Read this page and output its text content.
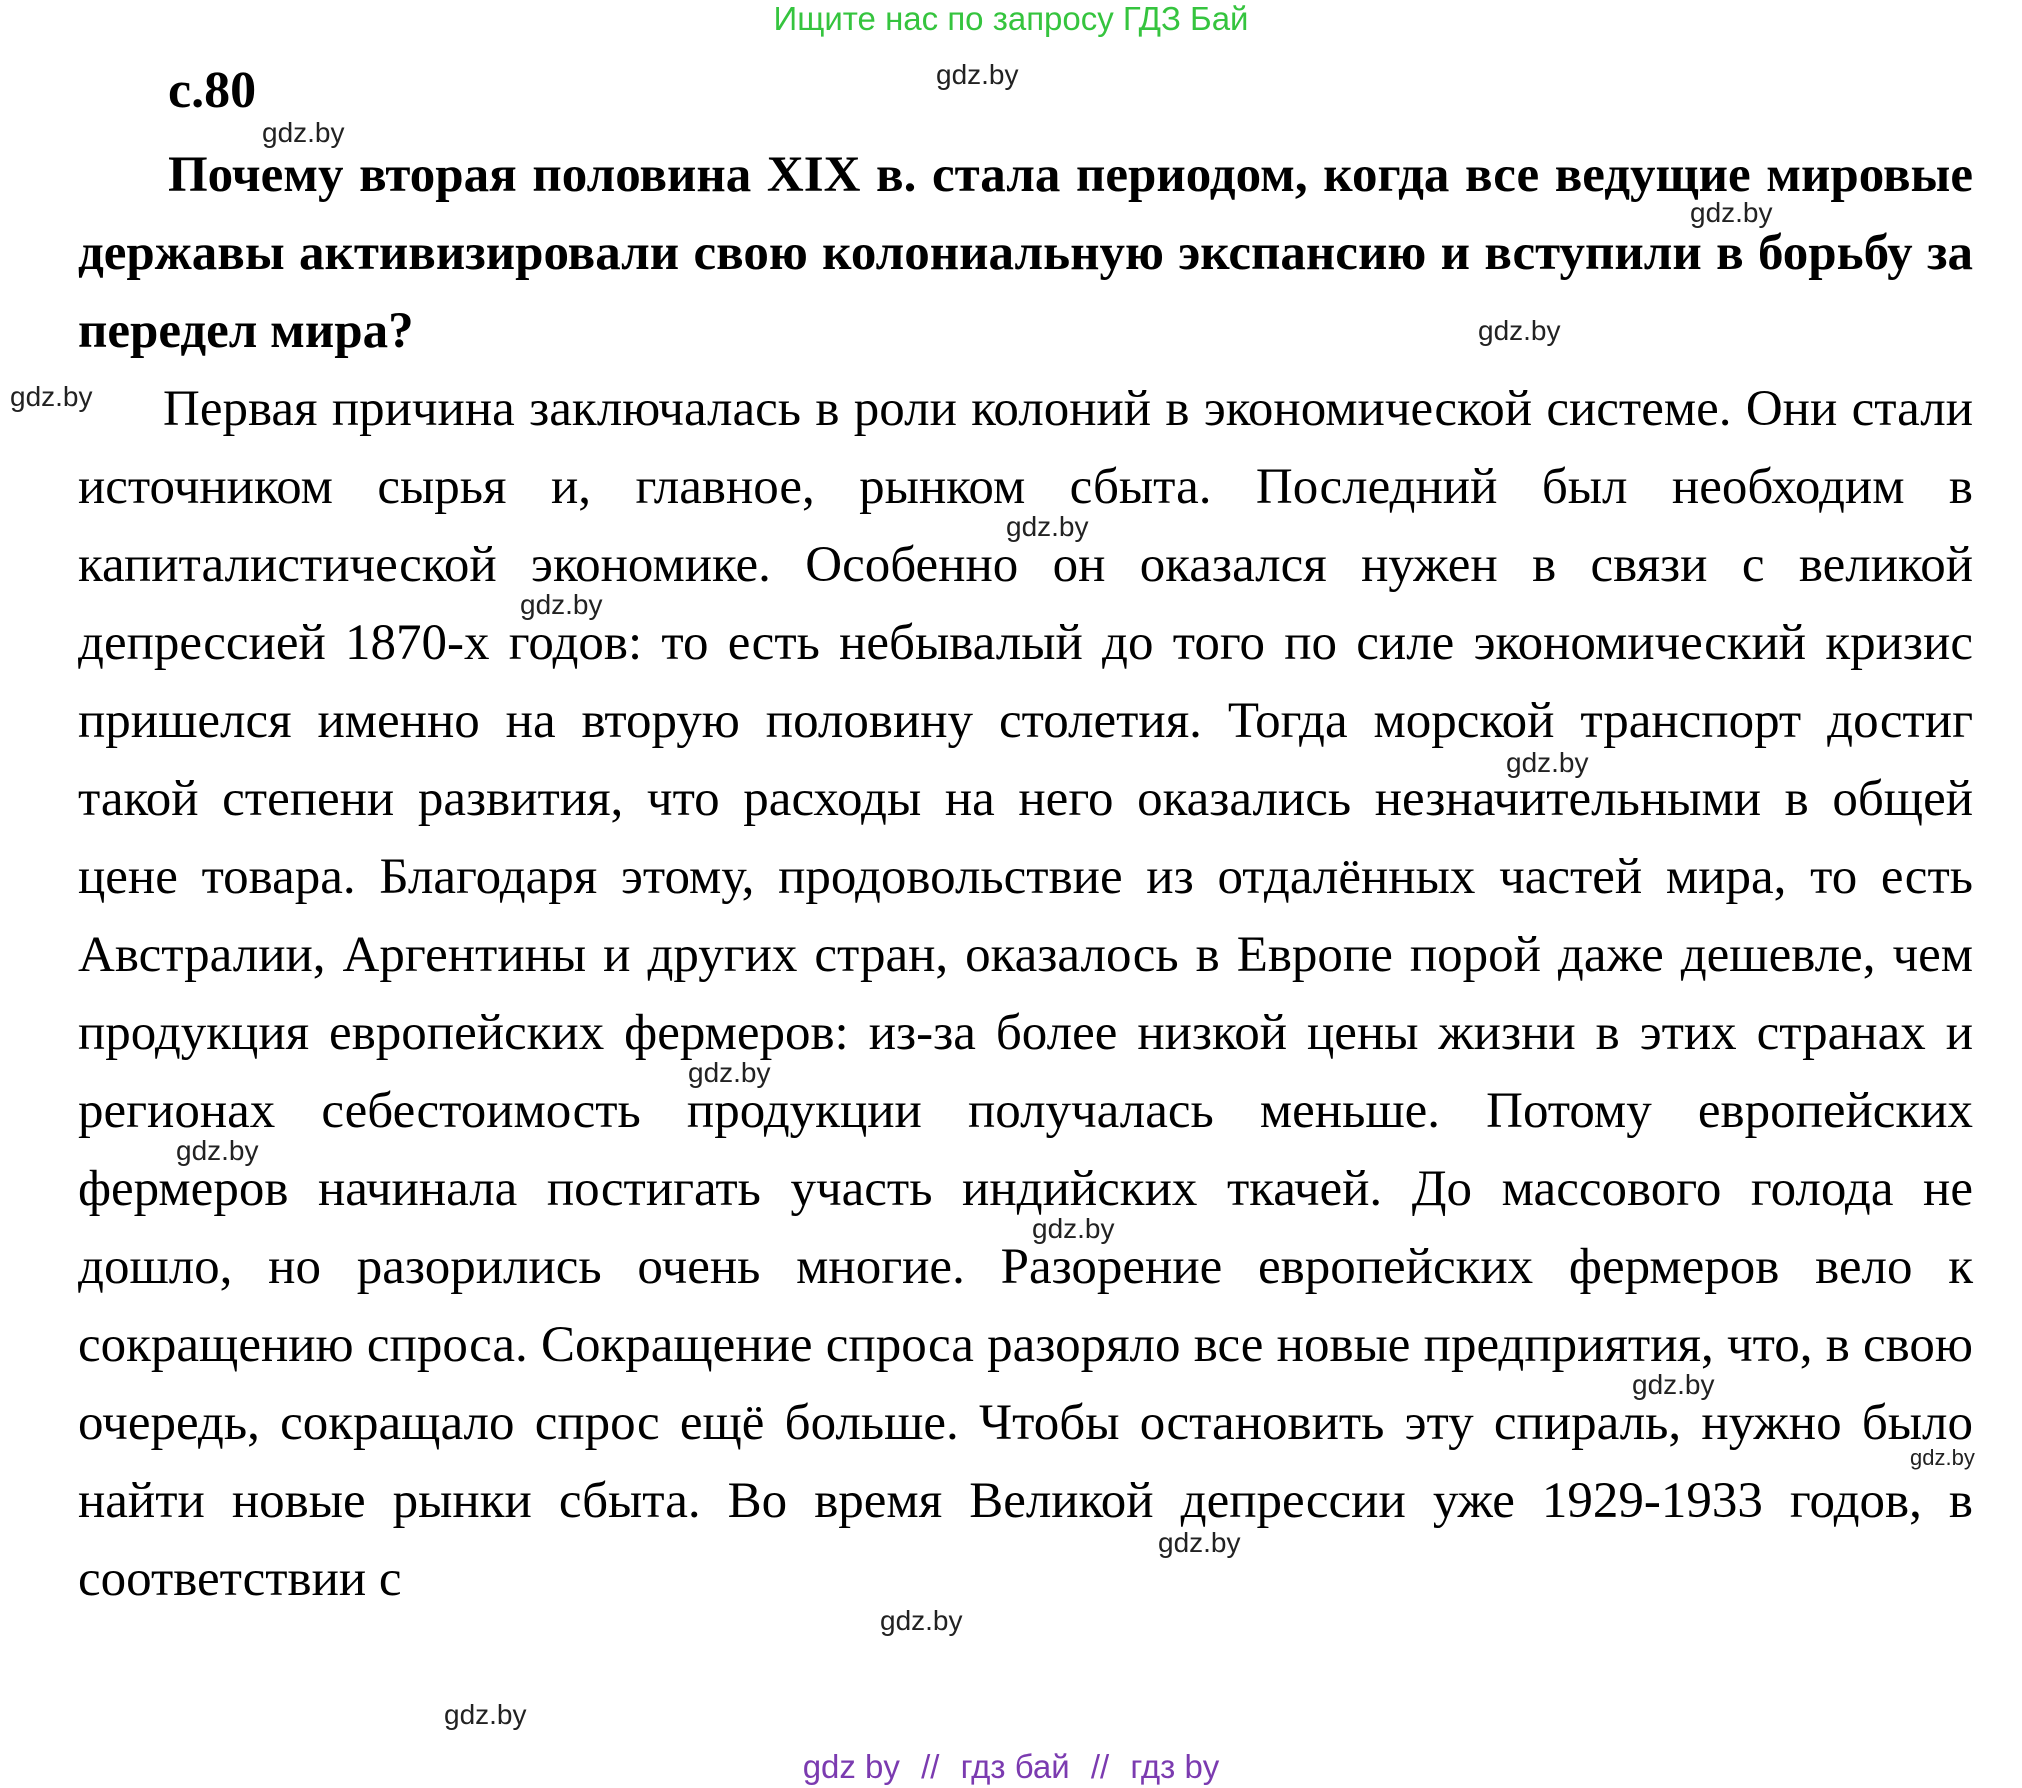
Ищите нас по запросу ГДЗ Бай
с.80

Почему вторая половина XIX в. стала периодом, когда все ведущие мировые державы активизировали свою колониальную экспансию и вступили в борьбу за передел мира?

Первая причина заключалась в роли колоний в экономической системе. Они стали источником сырья и, главное, рынком сбыта. Последний был необходим в капиталистической экономике. Особенно он оказался нужен в связи с великой депрессией 1870-х годов: то есть небывалый до того по силе экономический кризис пришелся именно на вторую половину столетия. Тогда морской транспорт достиг такой степени развития, что расходы на него оказались незначительными в общей цене товара. Благодаря этому, продовольствие из отдалённых частей мира, то есть Австралии, Аргентины и других стран, оказалось в Европе порой даже дешевле, чем продукция европейских фермеров: из-за более низкой цены жизни в этих странах и регионах себестоимость продукции получалась меньше. Потому европейских фермеров начинала постигать участь индийских ткачей. До массового голода не дошло, но разорились очень многие. Разорение европейских фермеров вело к сокращению спроса. Сокращение спроса разоряло все новые предприятия, что, в свою очередь, сокращало спрос ещё больше. Чтобы остановить эту спираль, нужно было найти новые рынки сбыта. Во время Великой депрессии уже 1929-1933 годов, в соответствии с

gdz.by
gdz.by
gdz.by
gdz.by
gdz.by
gdz.by
gdz.by
gdz.by
gdz.by
gdz.by
gdz.by
gdz.by
gdz.by
gdz.by
gdz.by
gdz.by
gdz by // гдз бай // гдз by
